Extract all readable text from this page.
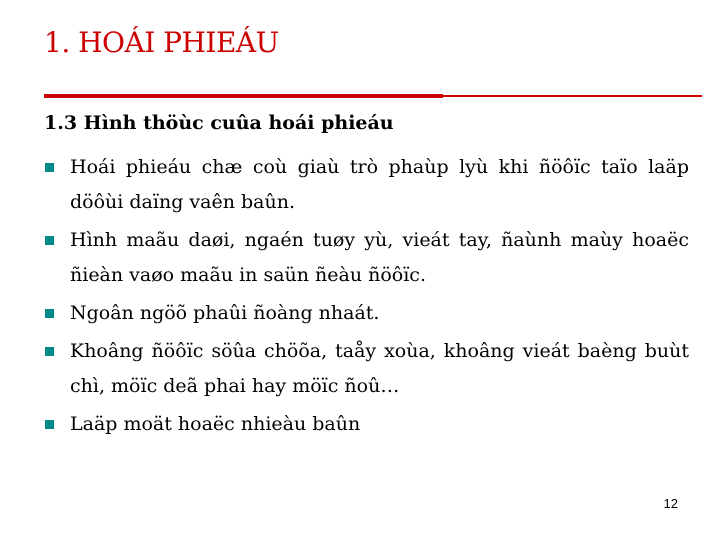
1. HOÁI PHIEÁU
1.3 Hình thöùc cuûa hoái phieáu
Hoái phieáu chæ coù giaù trò phaùp lyù khi ñöôïc taïo laäp döôùi daïng vaên baûn.
Hình maãu daøi, ngaén tuøy yù, vieát tay, ñaùnh maùy hoaëc ñieàn vaøo maãu in saün ñeàu ñöôïc.
Ngoân ngöõ phaûi ñoàng nhaát.
Khoâng ñöôïc söûa chöõa, taåy xoùa, khoâng vieát baèng buùt chì, möïc deã phai hay möïc ñoû…
Laäp moät hoaëc nhieàu baûn
12
